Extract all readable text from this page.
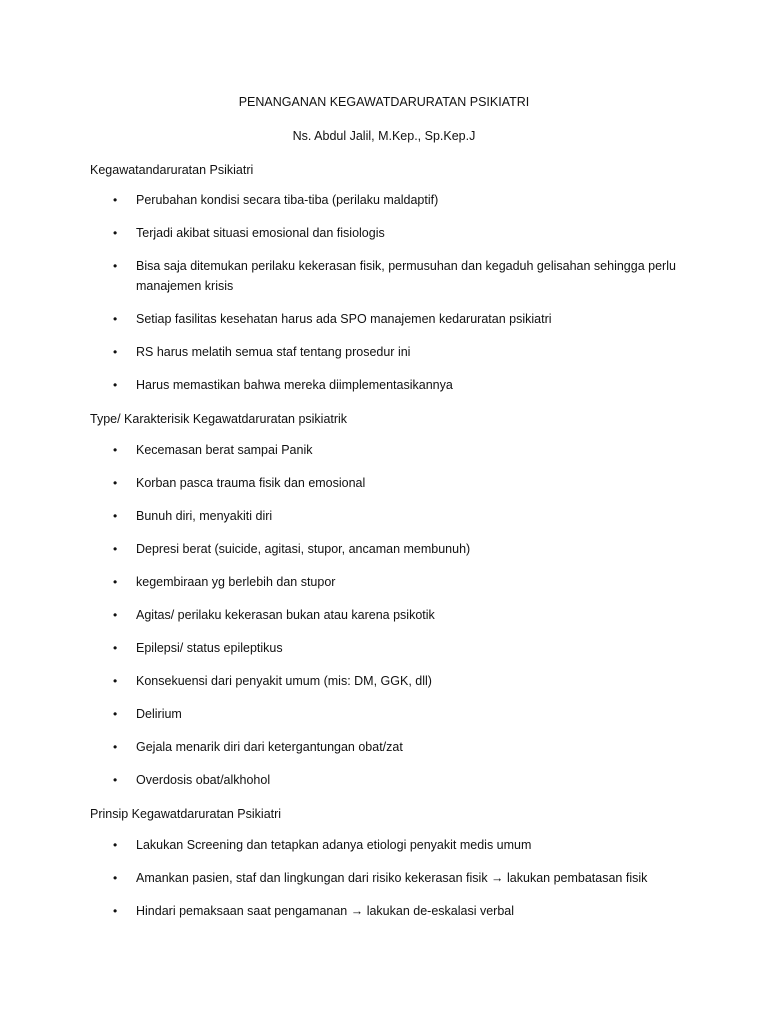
PENANGANAN KEGAWATDARURATAN PSIKIATRI

Ns. Abdul Jalil, M.Kep., Sp.Kep.J

Kegawatandaruratan Psikiatri

• Perubahan kondisi secara tiba-tiba (perilaku maldaptif)
• Terjadi akibat situasi emosional dan fisiologis
• Bisa saja ditemukan perilaku kekerasan fisik, permusuhan dan kegaduh gelisahan sehingga perlu manajemen krisis
• Setiap fasilitas kesehatan harus ada SPO manajemen kedaruratan psikiatri
• RS harus melatih semua staf tentang prosedur ini
• Harus memastikan bahwa mereka diimplementasikannya

Type/ Karakterisik Kegawatdaruratan psikiatrik

• Kecemasan berat sampai Panik
• Korban pasca trauma fisik dan emosional
• Bunuh diri, menyakiti diri
• Depresi berat (suicide, agitasi, stupor, ancaman membunuh)
• kegembiraan yg berlebih dan stupor
• Agitas/ perilaku kekerasan bukan atau karena psikotik
• Epilepsi/ status epileptikus
• Konsekuensi dari penyakit umum (mis: DM, GGK, dll)
• Delirium
• Gejala menarik diri dari ketergantungan obat/zat
• Overdosis obat/alkhohol

Prinsip Kegawatdaruratan Psikiatri

• Lakukan Screening dan tetapkan adanya etiologi penyakit medis umum
• Amankan pasien, staf dan lingkungan dari risiko kekerasan fisik → lakukan pembatasan fisik
• Hindari pemaksaan saat pengamanan → lakukan de-eskalasi verbal
